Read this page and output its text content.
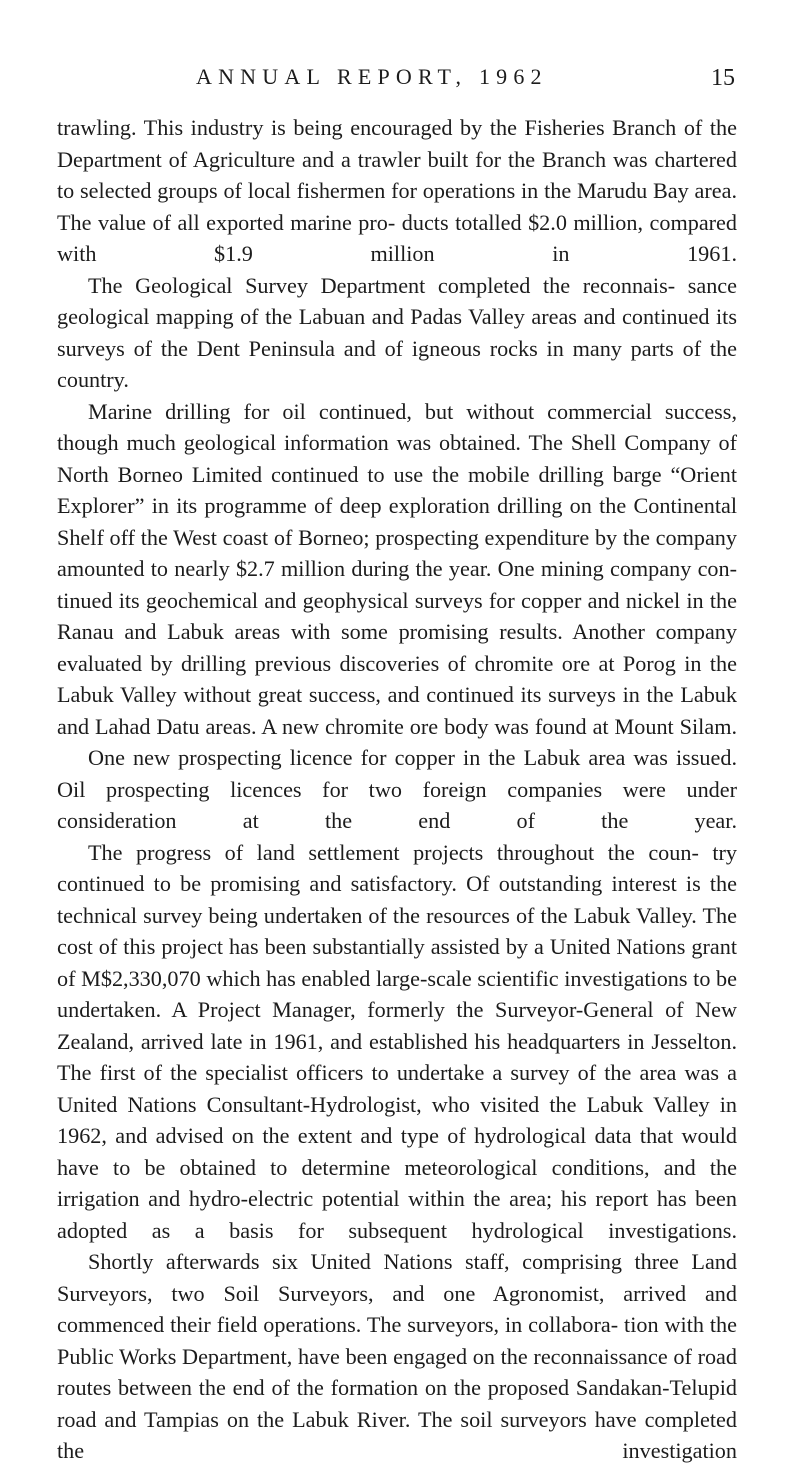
ANNUAL REPORT, 1962	15

trawling. This industry is being encouraged by the Fisheries Branch of the Department of Agriculture and a trawler built for the Branch was chartered to selected groups of local fishermen for operations in the Marudu Bay area. The value of all exported marine pro- ducts totalled $2.0 million, compared with $1.9 million in 1961.

The Geological Survey Department completed the reconnais- sance geological mapping of the Labuan and Padas Valley areas and continued its surveys of the Dent Peninsula and of igneous rocks in many parts of the country.

Marine drilling for oil continued, but without commercial success, though much geological information was obtained. The Shell Company of North Borneo Limited continued to use the mobile drilling barge “Orient Explorer” in its programme of deep exploration drilling on the Continental Shelf off the West coast of Borneo; prospecting expenditure by the company amounted to nearly $2.7 million during the year. One mining company con- tinued its geochemical and geophysical surveys for copper and nickel in the Ranau and Labuk areas with some promising results. Another company evaluated by drilling previous discoveries of chromite ore at Porog in the Labuk Valley without great success, and continued its surveys in the Labuk and Lahad Datu areas. A new chromite ore body was found at Mount Silam.

One new prospecting licence for copper in the Labuk area was issued. Oil prospecting licences for two foreign companies were under consideration at the end of the year.

The progress of land settlement projects throughout the coun- try continued to be promising and satisfactory. Of outstanding interest is the technical survey being undertaken of the resources of the Labuk Valley. The cost of this project has been substantially assisted by a United Nations grant of M$2,330,070 which has enabled large-scale scientific investigations to be undertaken. A Project Manager, formerly the Surveyor-General of New Zealand, arrived late in 1961, and established his headquarters in Jesselton. The first of the specialist officers to undertake a survey of the area was a United Nations Consultant-Hydrologist, who visited the Labuk Valley in 1962, and advised on the extent and type of hydrological data that would have to be obtained to determine meteorological conditions, and the irrigation and hydro-electric potential within the area; his report has been adopted as a basis for subsequent hydrological investigations.

Shortly afterwards six United Nations staff, comprising three Land Surveyors, two Soil Surveyors, and one Agronomist, arrived and commenced their field operations. The surveyors, in collabora- tion with the Public Works Department, have been engaged on the reconnaissance of road routes between the end of the formation on the proposed Sandakan-Telupid road and Tampias on the Labuk River. The soil surveyors have completed the investigation
